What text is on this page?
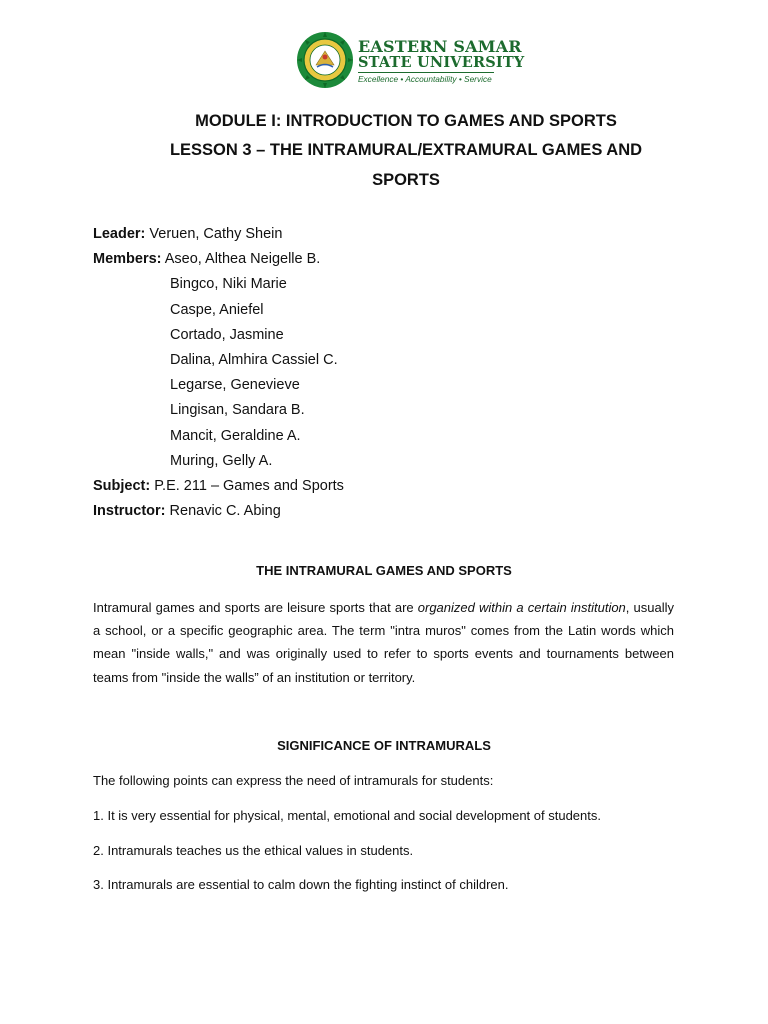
EASTERN SAMAR
STATE UNIVERSITY
Excellence • Accountability • Service
MODULE I: INTRODUCTION TO GAMES AND SPORTS
LESSON 3 – THE INTRAMURAL/EXTRAMURAL GAMES AND
SPORTS
Leader: Veruen, Cathy Shein
Members: Aseo, Althea Neigelle B.
Bingco, Niki Marie
Caspe, Aniefel
Cortado, Jasmine
Dalina, Almhira Cassiel C.
Legarse, Genevieve
Lingisan, Sandara B.
Mancit, Geraldine A.
Muring, Gelly A.
Subject: P.E. 211 – Games and Sports
Instructor: Renavic C. Abing
THE INTRAMURAL GAMES AND SPORTS
Intramural games and sports are leisure sports that are organized within a certain institution, usually a school, or a specific geographic area. The term "intra muros" comes from the Latin words which mean "inside walls," and was originally used to refer to sports events and tournaments between teams from "inside the walls” of an institution or territory.
SIGNIFICANCE OF INTRAMURALS
The following points can express the need of intramurals for students:
1. It is very essential for physical, mental, emotional and social development of students.
2. Intramurals teaches us the ethical values in students.
3. Intramurals are essential to calm down the fighting instinct of children.
